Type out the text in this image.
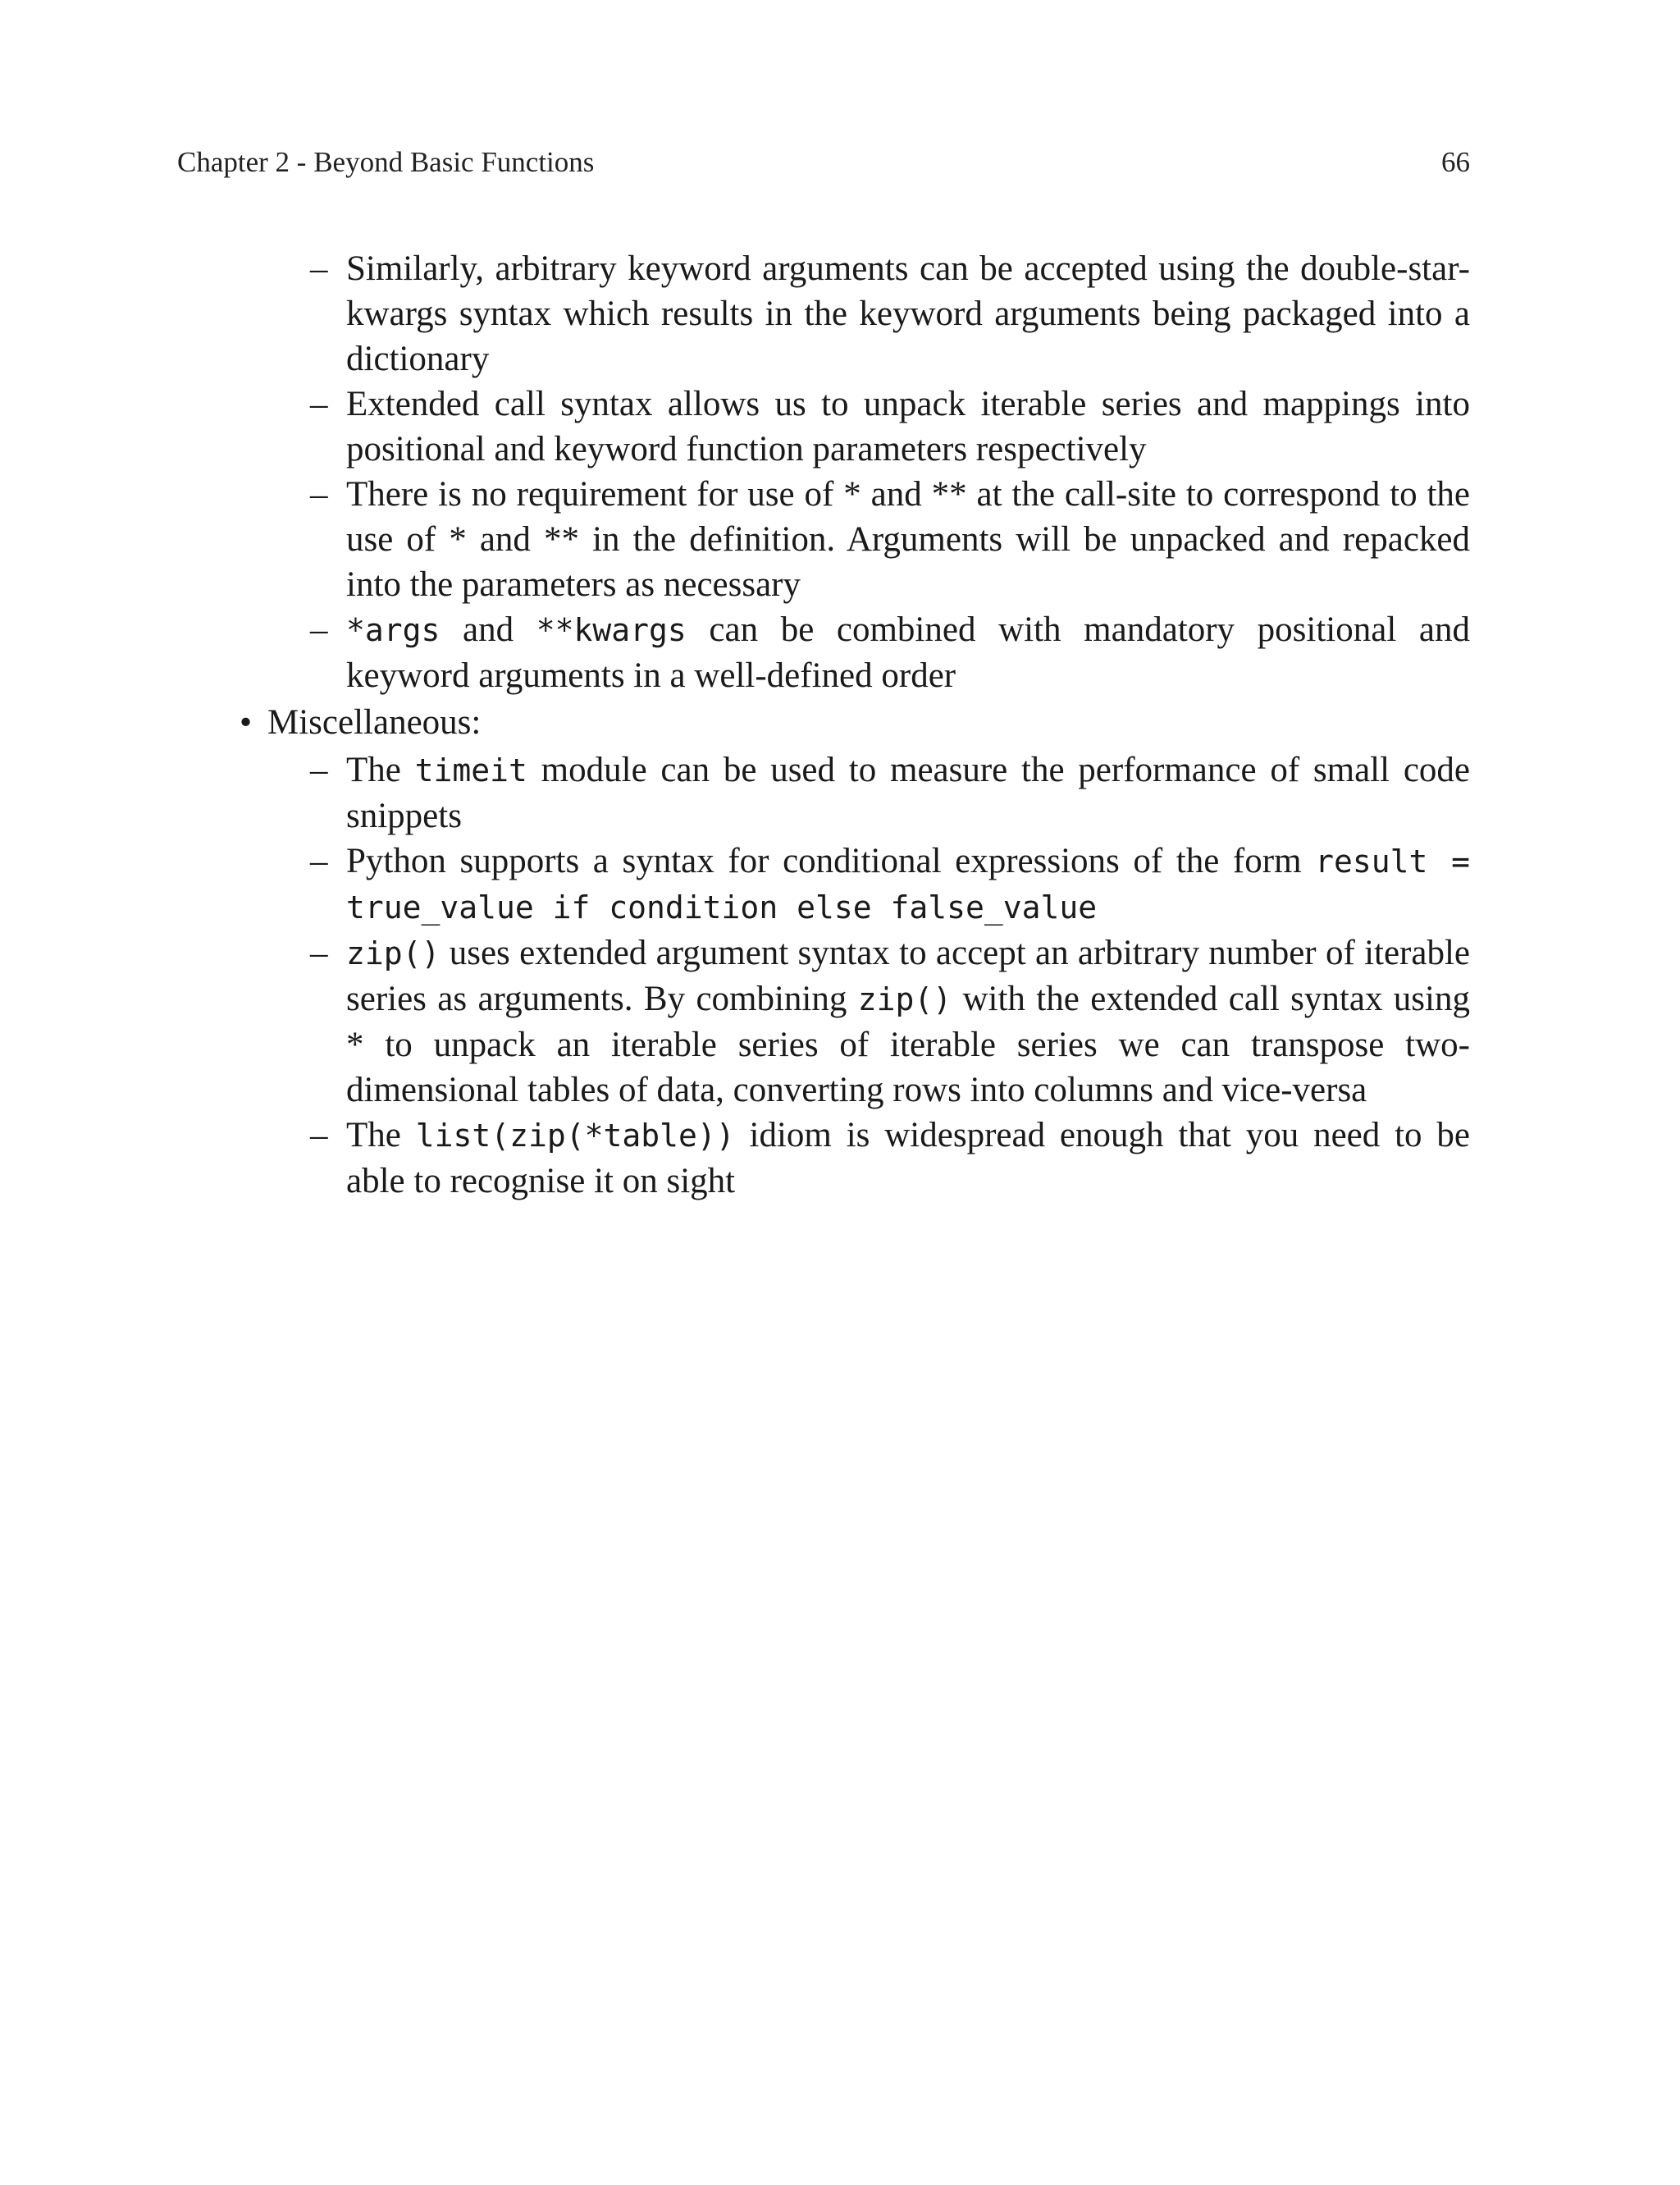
Chapter 2 - Beyond Basic Functions	66
– Similarly, arbitrary keyword arguments can be accepted using the double-star-kwargs syntax which results in the keyword arguments being packaged into a dictionary
– Extended call syntax allows us to unpack iterable series and mappings into positional and keyword function parameters respectively
– There is no requirement for use of * and ** at the call-site to correspond to the use of * and ** in the definition. Arguments will be unpacked and repacked into the parameters as necessary
– *args and **kwargs can be combined with mandatory positional and keyword arguments in a well-defined order
• Miscellaneous:
– The timeit module can be used to measure the performance of small code snippets
– Python supports a syntax for conditional expressions of the form result = true_value if condition else false_value
– zip() uses extended argument syntax to accept an arbitrary number of iterable series as arguments. By combining zip() with the extended call syntax using * to unpack an iterable series of iterable series we can transpose two-dimensional tables of data, converting rows into columns and vice-versa
– The list(zip(*table)) idiom is widespread enough that you need to be able to recognise it on sight
